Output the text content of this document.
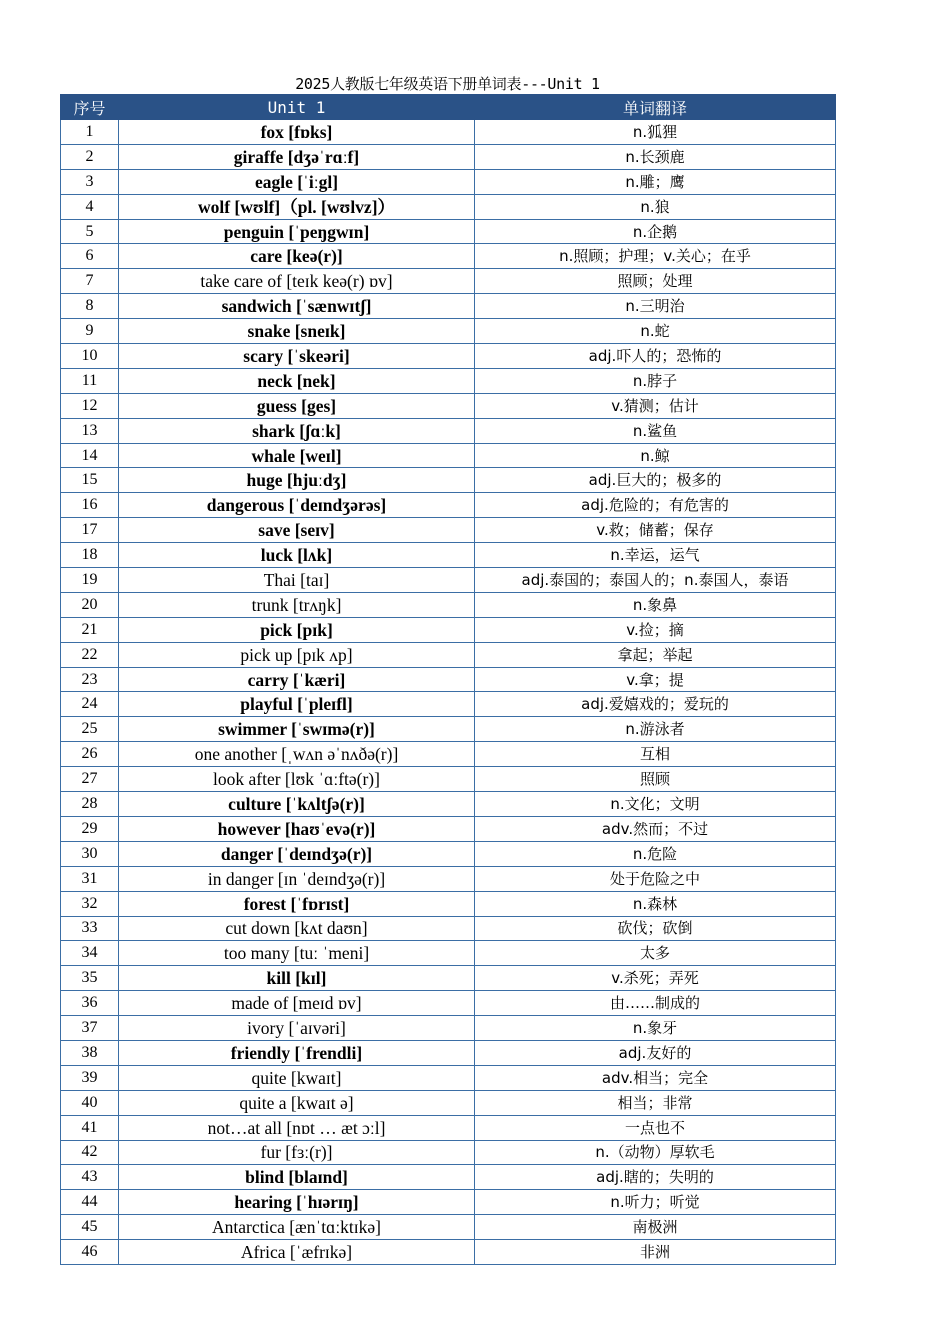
2025人教版七年级英语下册单词表---Unit 1
序号	Unit 1	单词翻译
1	fox [fɒks]	n.狐狸
2	giraffe [dʒəˈrɑːf]	n.长颈鹿
3	eagle [ˈiːgl]	n.雕；鹰
4	wolf [wʊlf]（pl. [wʊlvz]）	n.狼
5	penguin [ˈpeŋgwɪn]	n.企鹅
6	care [keə(r)]	n.照顾；护理；v.关心；在乎
7	take care of [teɪk keə(r) ɒv]	照顾；处理
8	sandwich [ˈsænwɪtʃ]	n.三明治
9	snake [sneɪk]	n.蛇
10	scary [ˈskeəri]	adj.吓人的；恐怖的
11	neck [nek]	n.脖子
12	guess [ges]	v.猜测；估计
13	shark [ʃɑːk]	n.鲨鱼
14	whale [weɪl]	n.鲸
15	huge [hjuːdʒ]	adj.巨大的；极多的
16	dangerous [ˈdeɪndʒərəs]	adj.危险的；有危害的
17	save [seɪv]	v.救；储蓄；保存
18	luck [lʌk]	n.幸运，运气
19	Thai [taɪ]	adj.泰国的；泰国人的；n.泰国人，泰语
20	trunk [trʌŋk]	n.象鼻
21	pick [pɪk]	v.捡；摘
22	pick up [pɪk ʌp]	拿起；举起
23	carry [ˈkæri]	v.拿；提
24	playful [ˈpleɪfl]	adj.爱嬉戏的；爱玩的
25	swimmer [ˈswɪmə(r)]	n.游泳者
26	one another [ˌwʌn əˈnʌðə(r)]	互相
27	look after [lʊk ˈɑːftə(r)]	照顾
28	culture [ˈkʌltʃə(r)]	n.文化；文明
29	however [haʊˈevə(r)]	adv.然而；不过
30	danger [ˈdeɪndʒə(r)]	n.危险
31	in danger [ɪn ˈdeɪndʒə(r)]	处于危险之中
32	forest [ˈfɒrɪst]	n.森林
33	cut down [kʌt daʊn]	砍伐；砍倒
34	too many [tuː ˈmeni]	太多
35	kill [kɪl]	v.杀死；弄死
36	made of [meɪd ɒv]	由……制成的
37	ivory [ˈaɪvəri]	n.象牙
38	friendly [ˈfrendli]	adj.友好的
39	quite [kwaɪt]	adv.相当；完全
40	quite a [kwaɪt ə]	相当；非常
41	not…at all [nɒt … æt ɔːl]	一点也不
42	fur [fɜː(r)]	n.（动物）厚软毛
43	blind [blaɪnd]	adj.瞎的；失明的
44	hearing [ˈhɪərɪŋ]	n.听力；听觉
45	Antarctica [ænˈtɑːktɪkə]	南极洲
46	Africa [ˈæfrɪkə]	非洲
